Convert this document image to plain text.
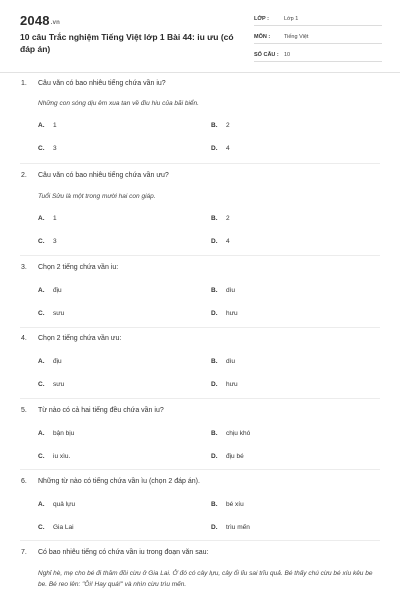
2048.vn
10 câu Trắc nghiệm Tiếng Việt lớp 1 Bài 44: iu ưu (có đáp án)
LỚP :	Lớp 1
MÔN :	Tiếng Việt
SỐ CÂU : 10
1. Câu văn có bao nhiêu tiếng chứa vần iu?
Những con sóng dịu êm xua tan về đìu hiu của bãi biển.
A.	1	B.	2
C.	3	D.	4
2. Câu văn có bao nhiêu tiếng chứa vần ưu?
Tuổi Sửu là một trong mười hai con giáp.
A.	1	B.	2
C.	3	D.	4
3. Chọn 2 tiếng chứa vần iu:
A.	địu	B.	dìu
C.	sưu	D.	hưu
4. Chọn 2 tiếng chứa vần ưu:
A.	địu	B.	dìu
C.	sưu	D.	hưu
5. Từ nào có cả hai tiếng đều chứa vần iu?
A.	bận bịu	B.	chịu khó
C.	iu xìu.	D.	địu bé
6. Những từ nào có tiếng chứa vần ìu (chọn 2 đáp án).
A.	quả lựu	B.	bé xíu
C.	Gia Lai	D.	trìu mến
7. Có bao nhiêu tiếng có chứa vần iu trong đoạn văn sau:
Nghỉ hè, mẹ cho bé đi thăm đồi cừu ở Gia Lai. Ở đó có cây lựu, cây ổi lỉu sai trĩu quả. Bé thấy chú cừu bé xíu kêu be be. Bé reo lên: "Ôi! Hay quá!" và nhìn cừu trìu mến.
